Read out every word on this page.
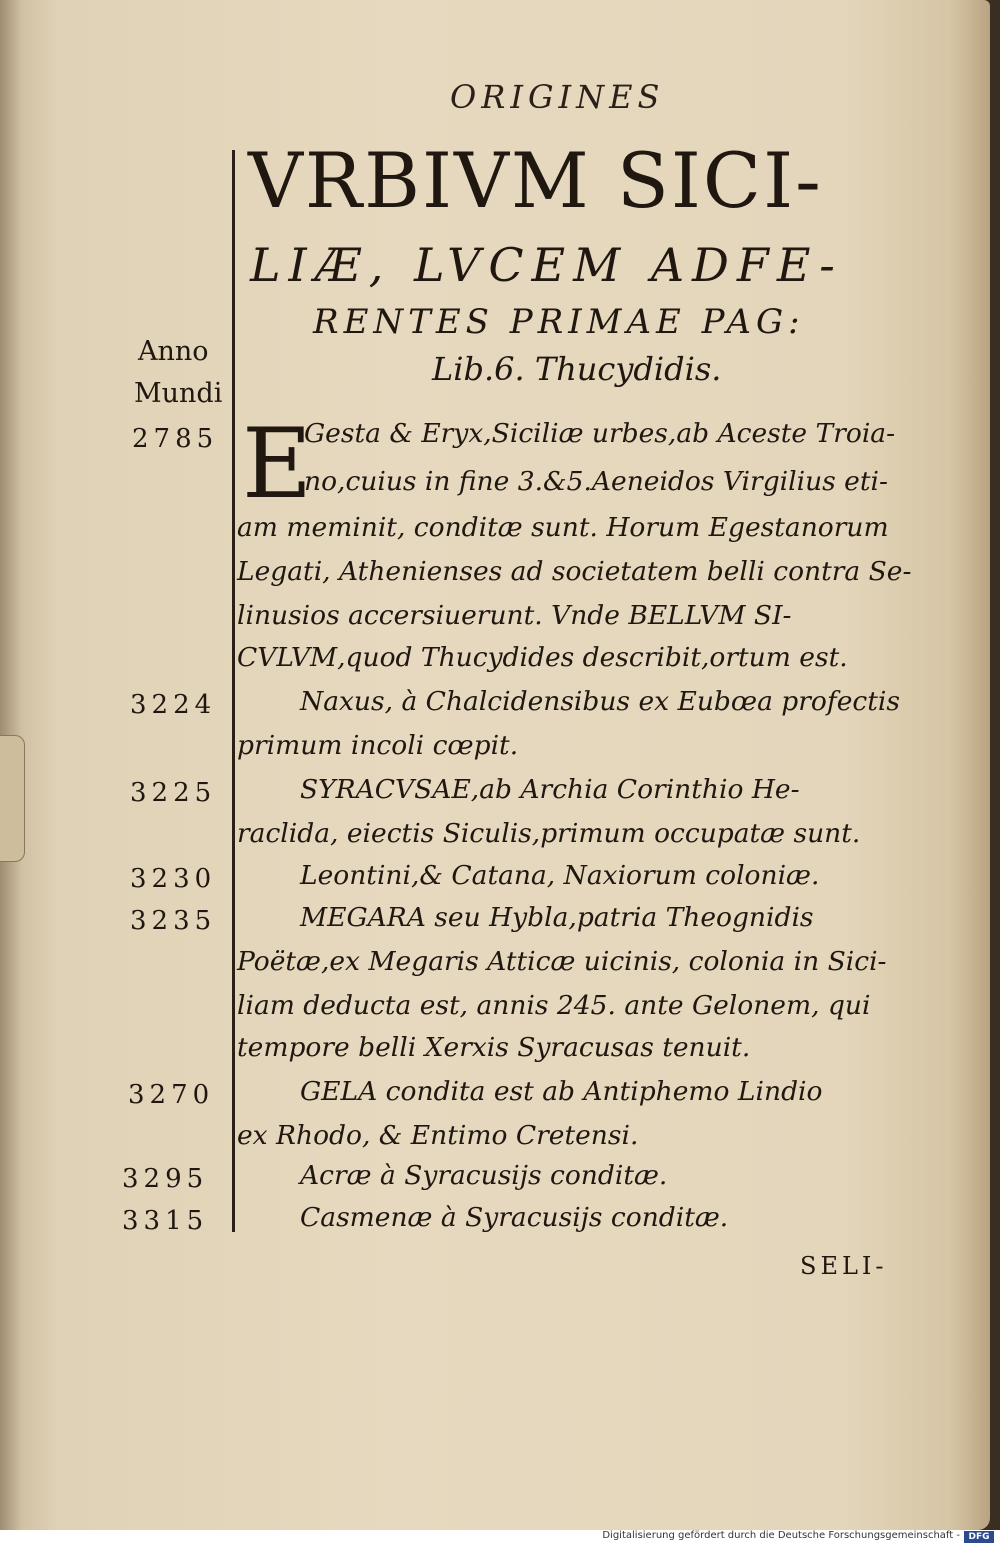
ORIGINES
VRBIVM SICI-
LIÆ, LVCEM ADFE-
RENTES PRIMAE PAG:
Lib.6. Thucydidis.
Anno
Mundi
2785 E
Gesta & Eryx,Siciliæ urbes,ab Aceste Troia-
no,cuius in fine 3.&5.Aeneidos Virgilius eti-
am meminit, conditæ sunt. Horum Egestanorum
Legati, Athenienses ad societatem belli contra Se-
linusios accersiuerunt. Vnde BELLVM SI-
CVLVM,quod Thucydides describit,ortum est.
3224	Naxus, à Chalcidensibus ex Eubœa profectis
primum incoli cœpit.
3225	SYRACVSAE,ab Archia Corinthio He-
raclida, eiectis Siculis,primum occupatæ sunt.
3230	Leontini,& Catana, Naxiorum coloniæ.
3235	MEGARA seu Hybla,patria Theognidis
Poëtæ,ex Megaris Atticæ uicinis, colonia in Sici-
liam deducta est, annis 245. ante Gelonem, qui
tempore belli Xerxis Syracusas tenuit.
3270	GELA condita est ab Antiphemo Lindio
ex Rhodo, & Entimo Cretensi.
3295	Acræ à Syracusijs conditæ.
3315	Casmenæ à Syracusijs conditæ.
SELI-
Digitalisierung gefördert durch die Deutsche Forschungsgemeinschaft - DFG
